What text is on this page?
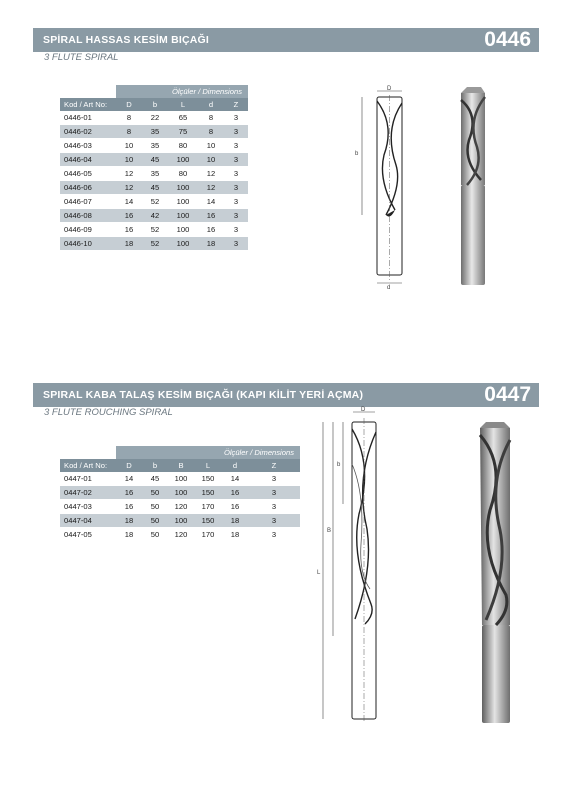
SPİRAL HASSAS KESİM BIÇAĞI	0446
3 FLUTE SPIRAL
	Ölçüler / Dimensions				
Kod / Art No:	D	b	L	d	Z
0446-01	8	22	65	8	3
0446-02	8	35	75	8	3
0446-03	10	35	80	10	3
0446-04	10	45	100	10	3
0446-05	12	35	80	12	3
0446-06	12	45	100	12	3
0446-07	14	52	100	14	3
0446-08	16	42	100	16	3
0446-09	16	52	100	16	3
0446-10	18	52	100	18	3
D
b
d
SPIRAL KABA TALAŞ KESİM BIÇAĞI (KAPI KİLİT YERİ AÇMA)	0447
3 FLUTE ROUCHING SPIRAL
	Ölçüler / Dimensions					
Kod / Art No:	D	b	B	L	d	Z
0447-01	14	45	100	150	14	3
0447-02	16	50	100	150	16	3
0447-03	16	50	120	170	16	3
0447-04	18	50	100	150	18	3
0447-05	18	50	120	170	18	3
D
b
B
L
